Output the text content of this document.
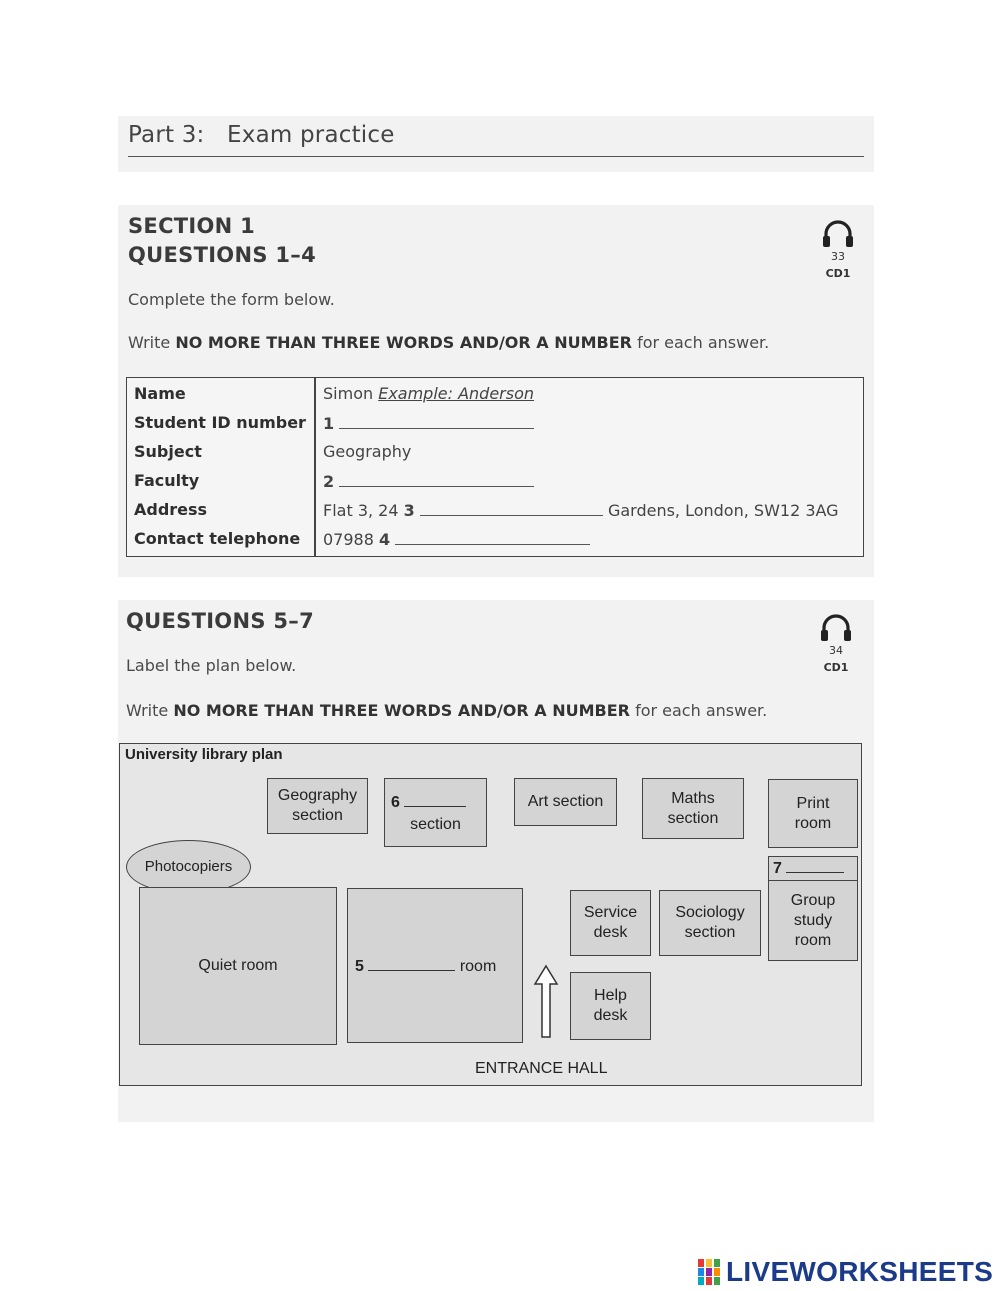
Part 3:   Exam practice
SECTION 1
QUESTIONS 1–4	33
CD1
Complete the form below.
Write NO MORE THAN THREE WORDS AND/OR A NUMBER for each answer.
Name	Simon Example: Anderson
Student ID number 1
Subject	Geography
Faculty	2
Address	Flat 3, 24 3	Gardens, London, SW12 3AG
Contact telephone 07988 4
QUESTIONS 5–7
34
CD1
Label the plan below.
Write NO MORE THAN THREE WORDS AND/OR A NUMBER for each answer.
University library plan
Geography
section
6
section
Art section	Maths
section
Print
room
7
Group
study
room
Photocopiers
Quiet room	5	room
Service
desk
Sociology
section
Help
desk
ENTRANCE HALL
LIVEWORKSHEETS
